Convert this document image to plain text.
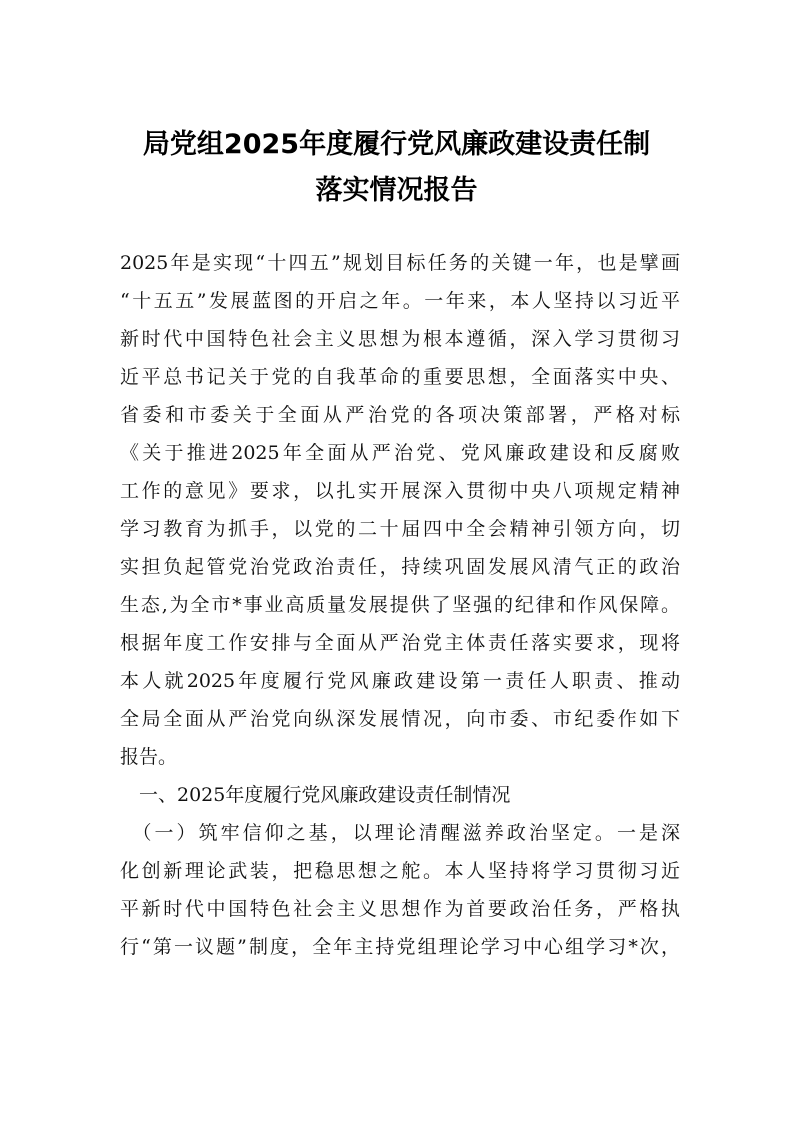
局党组2025年度履行党风廉政建设责任制
落实情况报告
2025年是实现“十四五”规划目标任务的关键一年，也是擘画
“十五五”发展蓝图的开启之年。一年来，本人坚持以习近平
新时代中国特色社会主义思想为根本遵循，深入学习贯彻习
近平总书记关于党的自我革命的重要思想，全面落实中央、
省委和市委关于全面从严治党的各项决策部署，严格对标
《关于推进2025年全面从严治党、党风廉政建设和反腐败
工作的意见》要求，以扎实开展深入贯彻中央八项规定精神
学习教育为抓手，以党的二十届四中全会精神引领方向，切
实担负起管党治党政治责任，持续巩固发展风清气正的政治
生态,为全市*事业高质量发展提供了坚强的纪律和作风保障。
根据年度工作安排与全面从严治党主体责任落实要求，现将
本人就2025年度履行党风廉政建设第一责任人职责、推动
全局全面从严治党向纵深发展情况，向市委、市纪委作如下
报告。
　一、2025年度履行党风廉政建设责任制情况
　（一）筑牢信仰之基，以理论清醒滋养政治坚定。一是深
化创新理论武装，把稳思想之舵。本人坚持将学习贯彻习近
平新时代中国特色社会主义思想作为首要政治任务，严格执
行“第一议题”制度，全年主持党组理论学习中心组学习*次，
